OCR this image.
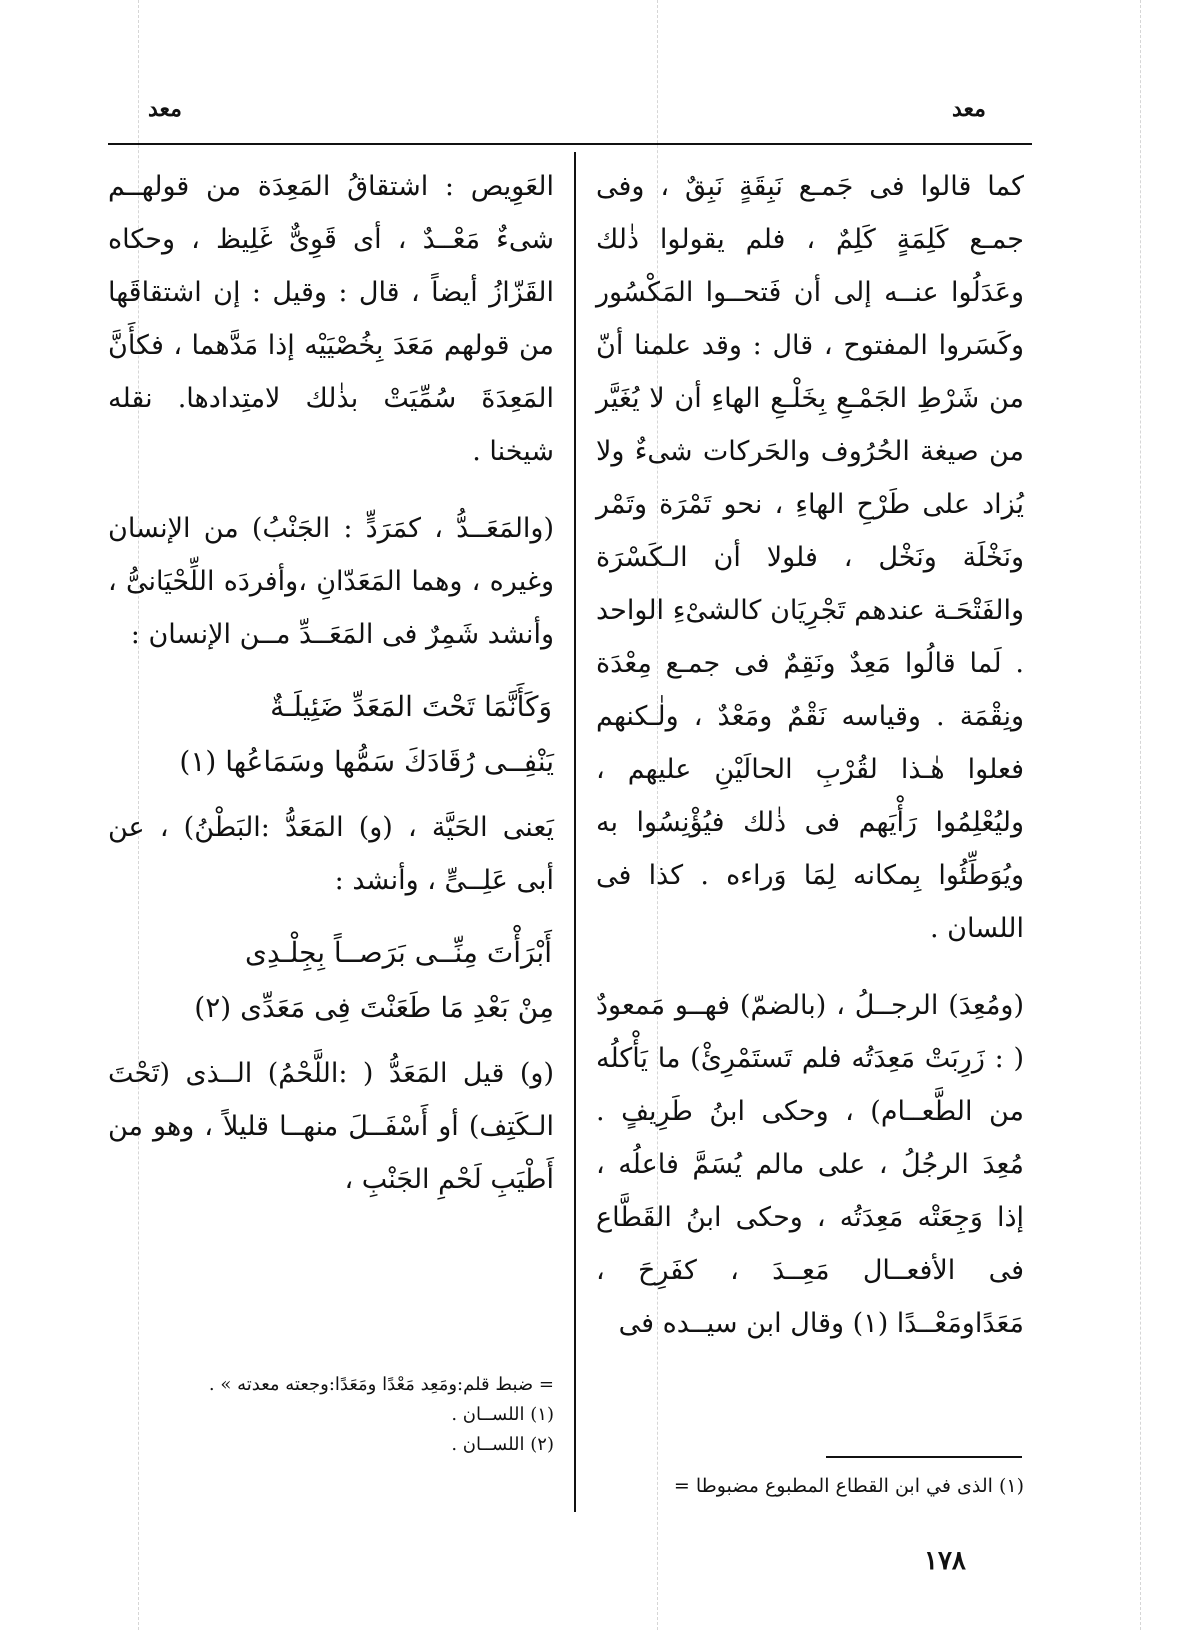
معد
معد

كما قالوا فى جَمـع نَبِقَةٍ نَبِقٌ ، وفى جمـع كَلِمَةٍ كَلِمٌ ، فلم يقولوا ذٰلك وعَدَلُوا عنــه إلى أن فَتحــوا المَكْسُور وكَسَروا المفتوح ، قال : وقد علمنا أنّ من شَرْطِ الجَمْـعِ بِخَلْـعِ الهاءِ أن لا يُغَيَّر من صيغة الحُرُوف والحَركات شىءٌ ولا يُزاد على طَرْحِ الهاءِ ، نحو تَمْرَة وتَمْر ونَخْلَة ونَخْل ، فلولا أن الـكَسْرَة والفَتْحَـة عندهم تَجْرِيَان كالشىْءِ الواحد . لَما قالُوا مَعِدٌ ونَقِمٌ فى جمـع مِعْدَة ونِقْمَة . وقياسه نَقْمٌ ومَعْدٌ ، ولٰـكنهم فعلوا هٰـذا لقُرْبِ الحالَيْنِ عليهم ، وليُعْلِمُوا رَأْيَهم فى ذٰلك فيُؤْنِسُوا به ويُوَطِّئُوا بِمكانه لِمَا وَراءه . كذا فى اللسان .

(ومُعِدَ) الرجــلُ ، (بالضمّ) فهــو مَمعودٌ ( : زَرِبَتْ مَعِدَتُه فلم تَستَمْرِئْ) ما يَأْكلُه من الطَّعــام) ، وحكى ابنُ طَرِيفٍ . مُعِدَ الرجُلُ ، على مالم يُسَمَّ فاعلُه ، إذا وَجِعَتْه مَعِدَتُه ، وحكى ابنُ القَطَّاع فى الأفعــال مَعِــدَ ، كفَرِحَ ، مَعَدًاومَعْــدًا (١) وقال ابن سيــده فى

العَوِيص : اشتقاقُ المَعِدَة من قولهــم شىءٌ مَعْــدٌ ، أى قَوِىٌّ غَلِيظ ، وحكاه القَزّازُ أيضاً ، قال : وقيل : إن اشتقاقَها من قولهم مَعَدَ بِخُصْيَيْه إذا مَدَّهما ، فكأَنَّ المَعِدَةَ سُمِّيَتْ بذٰلك لامتِدادها. نقله شيخنا .

(والمَعَــدُّ ، كمَرَدٍّ : الجَنْبُ) من الإنسان وغيره ، وهما المَعَدّانِ ،وأفردَه اللِّحْيَانىُّ ، وأنشد شَمِرٌ فى المَعَــدِّ مــن الإنسان :

وَكَأَنَّمَا تَحْتَ المَعَدِّ ضَئِيلَـةٌ
يَنْفِــى رُقَادَكَ سَمُّها وسَمَاعُها (١)

يَعنى الحَيَّة ، (و) المَعَدُّ :البَطْنُ) ، عن أبى عَلِــىٍّ ، وأنشد :

أَبْرَأْتَ مِنِّــى بَرَصــاً بِجِلْـدِى
مِنْ بَعْدِ مَا طَعَنْتَ فِى مَعَدِّى (٢)

(و) قيل المَعَدُّ ( :اللَّحْمُ) الــذى (تَحْتَ الـكَتِف) أو أَسْفَــلَ منهــا قليلاً ، وهو من أَطْيَبِ لَحْمِ الجَنْبِ ،

(١) الذى في ابن القطاع المطبوع مضبوطا =
= ضبط قلم:ومَعِد مَعْدًا ومَعَدًا:وجعته معدته » .
(١) اللســان .
(٢) اللســان .
١٧٨
